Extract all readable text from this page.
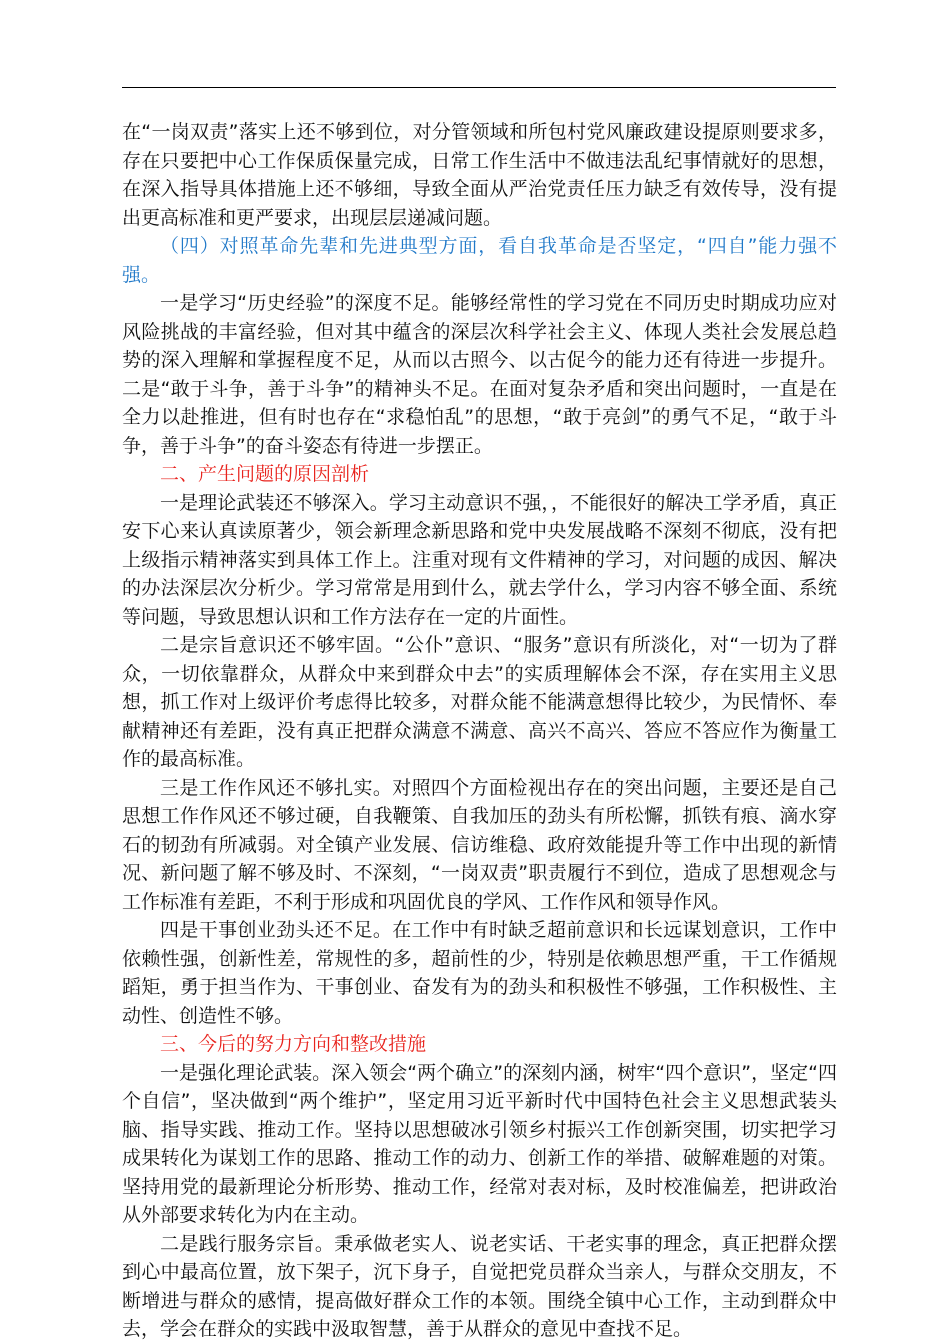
在“一岗双责”落实上还不够到位，对分管领域和所包村党风廉政建设提原则要求多，存在只要把中心工作保质保量完成，日常工作生活中不做违法乱纪事情就好的思想，在深入指导具体措施上还不够细，导致全面从严治党责任压力缺乏有效传导，没有提出更高标准和更严要求，出现层层递减问题。

（四）对照革命先辈和先进典型方面，看自我革命是否坚定，“四自”能力强不强。

一是学习“历史经验”的深度不足。能够经常性的学习党在不同历史时期成功应对风险挑战的丰富经验，但对其中蕴含的深层次科学社会主义、体现人类社会发展总趋势的深入理解和掌握程度不足，从而以古照今、以古促今的能力还有待进一步提升。二是“敢于斗争，善于斗争”的精神头不足。在面对复杂矛盾和突出问题时，一直是在全力以赴推进，但有时也存在“求稳怕乱”的思想，“敢于亮剑”的勇气不足，“敢于斗争，善于斗争”的奋斗姿态有待进一步摆正。

二、产生问题的原因剖析

一是理论武装还不够深入。学习主动意识不强，，不能很好的解决工学矛盾，真正安下心来认真读原著少，领会新理念新思路和党中央发展战略不深刻不彻底，没有把上级指示精神落实到具体工作上。注重对现有文件精神的学习，对问题的成因、解决的办法深层次分析少。学习常常是用到什么，就去学什么，学习内容不够全面、系统等问题，导致思想认识和工作方法存在一定的片面性。

二是宗旨意识还不够牢固。“公仆”意识、“服务”意识有所淡化，对“一切为了群众，一切依靠群众，从群众中来到群众中去”的实质理解体会不深，存在实用主义思想，抓工作对上级评价考虑得比较多，对群众能不能满意想得比较少，为民情怀、奉献精神还有差距，没有真正把群众满意不满意、高兴不高兴、答应不答应作为衡量工作的最高标准。

三是工作作风还不够扎实。对照四个方面检视出存在的突出问题，主要还是自己思想工作作风还不够过硬，自我鞭策、自我加压的劲头有所松懈，抓铁有痕、滴水穿石的韧劲有所减弱。对全镇产业发展、信访维稳、政府效能提升等工作中出现的新情况、新问题了解不够及时、不深刻，“一岗双责”职责履行不到位，造成了思想观念与工作标准有差距，不利于形成和巩固优良的学风、工作作风和领导作风。

四是干事创业劲头还不足。在工作中有时缺乏超前意识和长远谋划意识，工作中依赖性强，创新性差，常规性的多，超前性的少，特别是依赖思想严重，干工作循规蹈矩，勇于担当作为、干事创业、奋发有为的劲头和积极性不够强，工作积极性、主动性、创造性不够。

三、今后的努力方向和整改措施

一是强化理论武装。深入领会“两个确立”的深刻内涵，树牢“四个意识”，坚定“四个自信”，坚决做到“两个维护”，坚定用习近平新时代中国特色社会主义思想武装头脑、指导实践、推动工作。坚持以思想破冰引领乡村振兴工作创新突围，切实把学习成果转化为谋划工作的思路、推动工作的动力、创新工作的举措、破解难题的对策。坚持用党的最新理论分析形势、推动工作，经常对表对标，及时校准偏差，把讲政治从外部要求转化为内在主动。

二是践行服务宗旨。秉承做老实人、说老实话、干老实事的理念，真正把群众摆到心中最高位置，放下架子，沉下身子，自觉把党员群众当亲人，与群众交朋友，不断增进与群众的感情，提高做好群众工作的本领。围绕全镇中心工作，主动到群众中去，学会在群众的实践中汲取智慧，善于从群众的意见中查找不足。
